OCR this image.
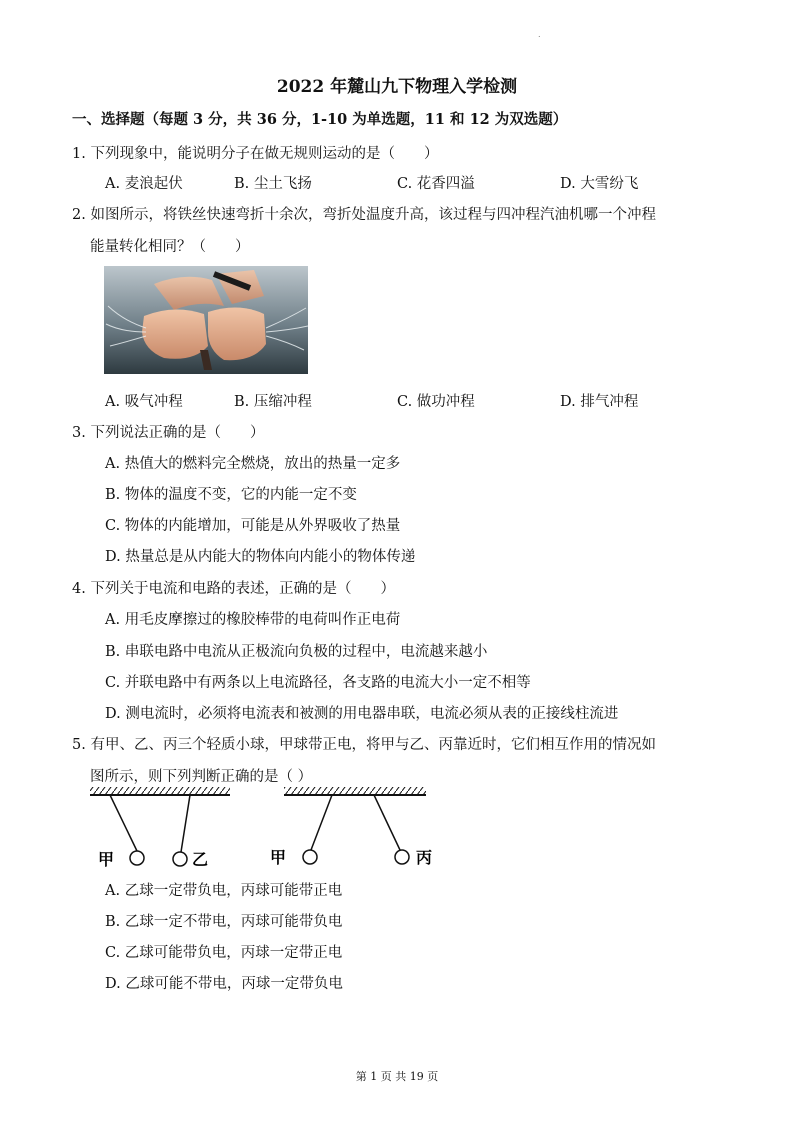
.
2022 年麓山九下物理入学检测
一、选择题（每题 3 分，共 36 分，1-10 为单选题，11 和 12 为双选题）
1. 下列现象中，能说明分子在做无规则运动的是（　　）
A. 麦浪起伏	B. 尘土飞扬	C. 花香四溢	D. 大雪纷飞
2. 如图所示，将铁丝快速弯折十余次，弯折处温度升高，该过程与四冲程汽油机哪一个冲程
能量转化相同？（　　）
A. 吸气冲程	B. 压缩冲程	C. 做功冲程	D. 排气冲程
3. 下列说法正确的是（　　）
A. 热值大的燃料完全燃烧，放出的热量一定多
B. 物体的温度不变，它的内能一定不变
C. 物体的内能增加，可能是从外界吸收了热量
D. 热量总是从内能大的物体向内能小的物体传递
4. 下列关于电流和电路的表述，正确的是（　　）
A. 用毛皮摩擦过的橡胶棒带的电荷叫作正电荷
B. 串联电路中电流从正极流向负极的过程中，电流越来越小
C. 并联电路中有两条以上电流路径，各支路的电流大小一定不相等
D. 测电流时，必须将电流表和被测的用电器串联，电流必须从表的正接线柱流进
5. 有甲、乙、丙三个轻质小球，甲球带正电，将甲与乙、丙靠近时，它们相互作用的情况如
图所示，则下列判断正确的是（ ）
甲	乙	甲	丙
A. 乙球一定带负电，丙球可能带正电
B. 乙球一定不带电，丙球可能带负电
C. 乙球可能带负电，丙球一定带正电
D. 乙球可能不带电，丙球一定带负电
第 1 页 共 19 页
